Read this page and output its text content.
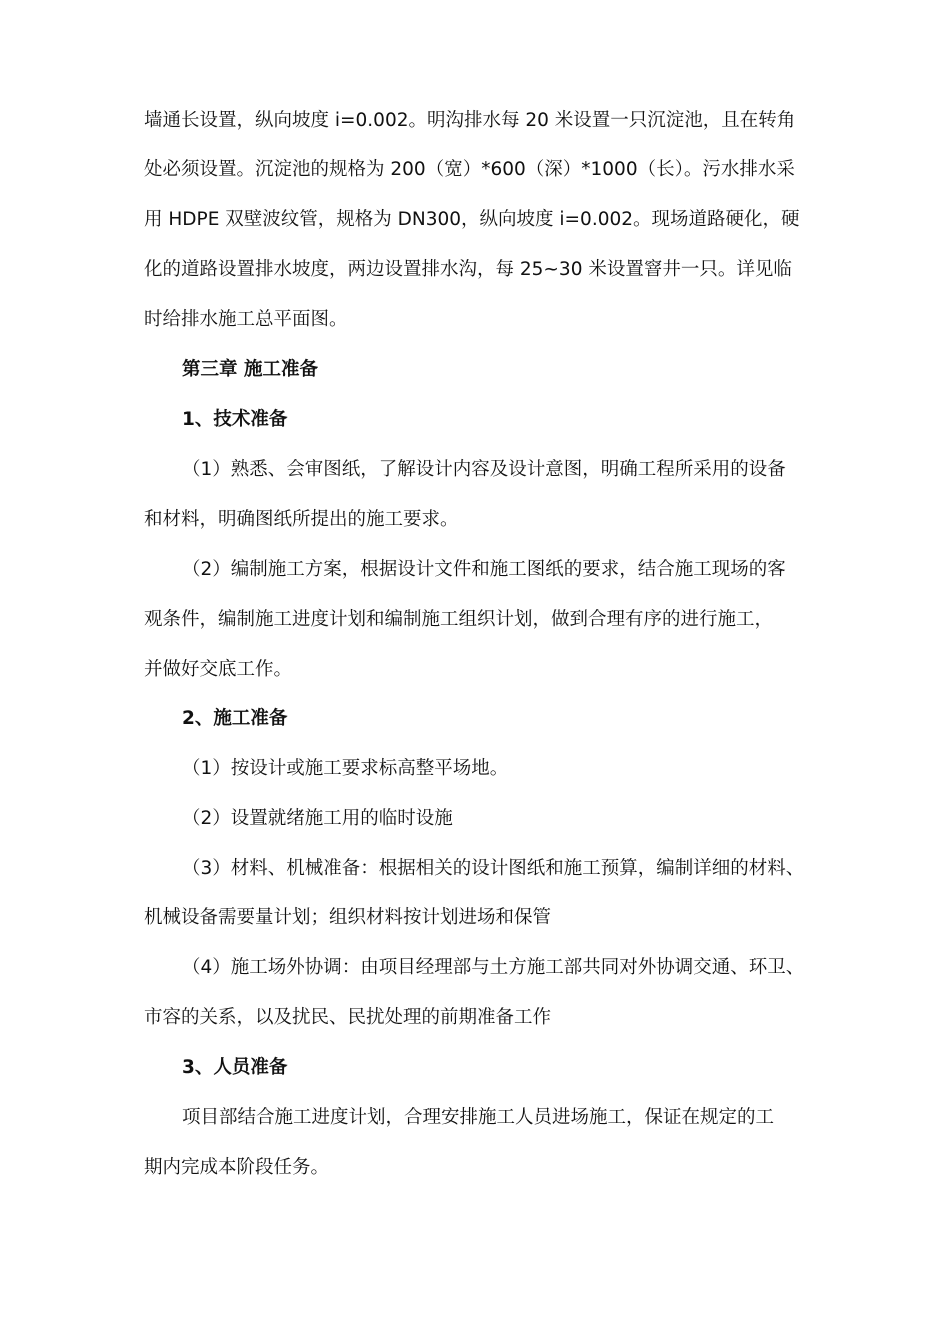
墙通长设置，纵向坡度 i=0.002。明沟排水每 20 米设置一只沉淀池，且在转角
处必须设置。沉淀池的规格为 200（宽）*600（深）*1000（长）。污水排水采
用 HDPE 双壁波纹管，规格为 DN300，纵向坡度 i=0.002。现场道路硬化，硬
化的道路设置排水坡度，两边设置排水沟，每 25~30 米设置窨井一只。详见临
时给排水施工总平面图。
第三章 施工准备
1、技术准备
（1）熟悉、会审图纸，了解设计内容及设计意图，明确工程所采用的设备
和材料，明确图纸所提出的施工要求。
（2）编制施工方案，根据设计文件和施工图纸的要求，结合施工现场的客
观条件，编制施工进度计划和编制施工组织计划，做到合理有序的进行施工，
并做好交底工作。
2、施工准备
（1）按设计或施工要求标高整平场地。
（2）设置就绪施工用的临时设施
（3）材料、机械准备：根据相关的设计图纸和施工预算，编制详细的材料、
机械设备需要量计划；组织材料按计划进场和保管
（4）施工场外协调：由项目经理部与土方施工部共同对外协调交通、环卫、
市容的关系，以及扰民、民扰处理的前期准备工作
3、人员准备
项目部结合施工进度计划，合理安排施工人员进场施工，保证在规定的工
期内完成本阶段任务。
